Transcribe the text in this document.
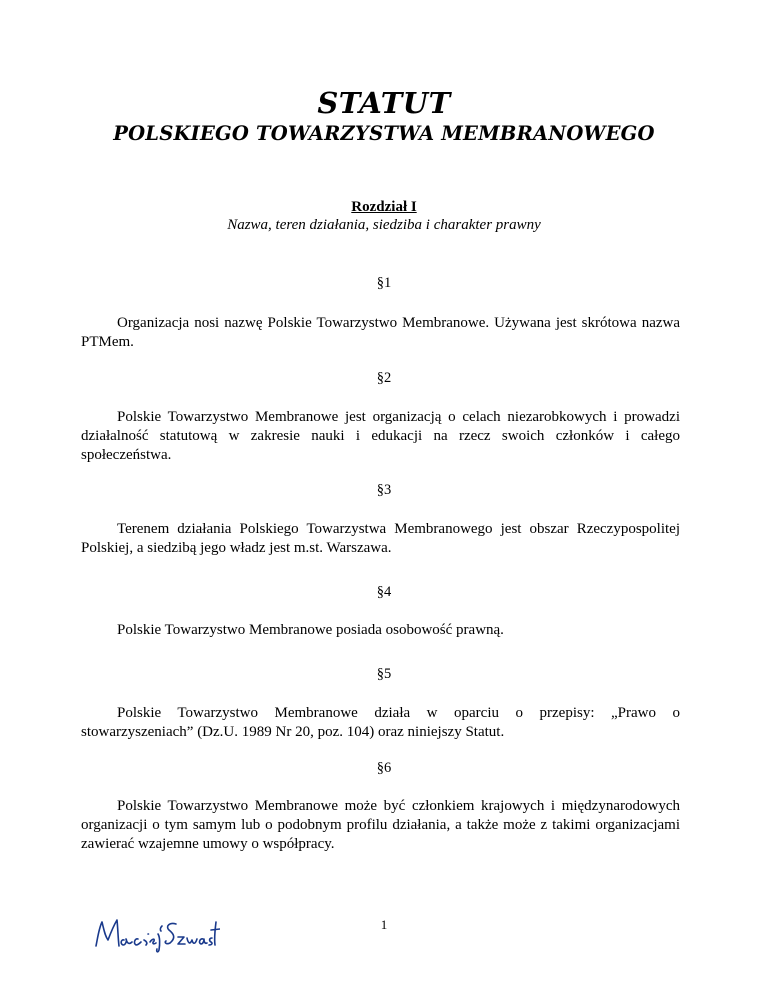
STATUT
POLSKIEGO TOWARZYSTWA MEMBRANOWEGO
Rozdział I
Nazwa, teren działania, siedziba i charakter prawny
§1

Organizacja nosi nazwę Polskie Towarzystwo Membranowe. Używana jest skrótowa nazwa PTMem.

§2

Polskie Towarzystwo Membranowe jest organizacją o celach niezarobkowych i prowadzi działalność statutową w zakresie nauki i edukacji na rzecz swoich członków i całego społeczeństwa.

§3

Terenem działania Polskiego Towarzystwa Membranowego jest obszar Rzeczypospolitej Polskiej, a siedzibą jego władz jest m.st. Warszawa.

§4

Polskie Towarzystwo Membranowe posiada osobowość prawną.

§5

Polskie Towarzystwo Membranowe działa w oparciu o przepisy: „Prawo o stowarzyszeniach” (Dz.U. 1989 Nr 20, poz. 104) oraz niniejszy Statut.

§6

Polskie Towarzystwo Membranowe może być członkiem krajowych i międzynarodowych organizacji o tym samym lub o podobnym profilu działania, a także może z takimi organizacjami zawierać wzajemne umowy o współpracy.

1
